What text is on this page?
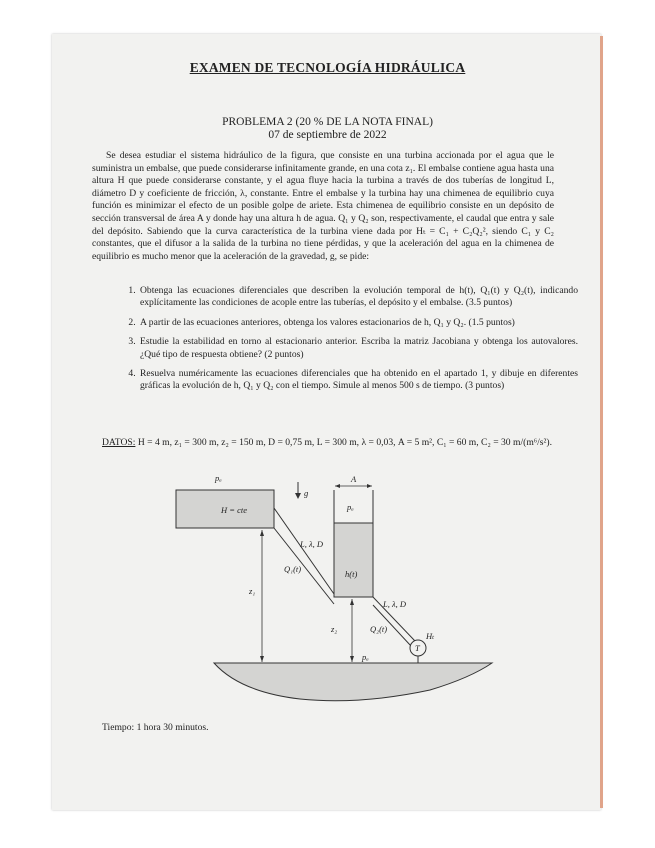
EXAMEN DE TECNOLOGÍA HIDRÁULICA
PROBLEMA 2 (20 % DE LA NOTA FINAL)
07 de septiembre de 2022

Se desea estudiar el sistema hidráulico de la figura, que consiste en una turbina accionada por el agua que le suministra un embalse, que puede considerarse infinitamente grande, en una cota z₁. El embalse contiene agua hasta una altura H que puede considerarse constante, y el agua fluye hacia la turbina a través de dos tuberías de longitud L, diámetro D y coeficiente de fricción, λ, constante. Entre el embalse y la turbina hay una chimenea de equilibrio cuya función es minimizar el efecto de un posible golpe de ariete. Esta chimenea de equilibrio consiste en un depósito de sección transversal de área A y donde hay una altura h de agua. Q₁ y Q₂ son, respectivamente, el caudal que entra y sale del depósito. Sabiendo que la curva característica de la turbina viene dada por Hₜ = C₁ + C₂Q₂², siendo C₁ y C₂ constantes, que el difusor a la salida de la turbina no tiene pérdidas, y que la aceleración del agua en la chimenea de equilibrio es mucho menor que la aceleración de la gravedad, g, se pide:

1. Obtenga las ecuaciones diferenciales que describen la evolución temporal de h(t), Q₁(t) y Q₂(t), indicando explícitamente las condiciones de acople entre las tuberías, el depósito y el embalse. (3.5 puntos)
2. A partir de las ecuaciones anteriores, obtenga los valores estacionarios de h, Q₁ y Q₂. (1.5 puntos)
3. Estudie la estabilidad en torno al estacionario anterior. Escriba la matriz Jacobiana y obtenga los autovalores. ¿Qué tipo de respuesta obtiene? (2 puntos)
4. Resuelva numéricamente las ecuaciones diferenciales que ha obtenido en el apartado 1, y dibuje en diferentes gráficas la evolución de h, Q₁ y Q₂ con el tiempo. Simule al menos 500 s de tiempo. (3 puntos)

DATOS: H = 4 m, z₁ = 300 m, z₂ = 150 m, D = 0,75 m, L = 300 m, λ = 0,03, A = 5 m², C₁ = 60 m, C₂ = 30 m/(m⁶/s²).

pₐ
g
A
H = cte	pₐ
L, λ, D
Q₁(t)	h(t)
z₁
z₂
L, λ, D
Q₂(t)
Hₜ
T
pₐ

Tiempo: 1 hora 30 minutos.
